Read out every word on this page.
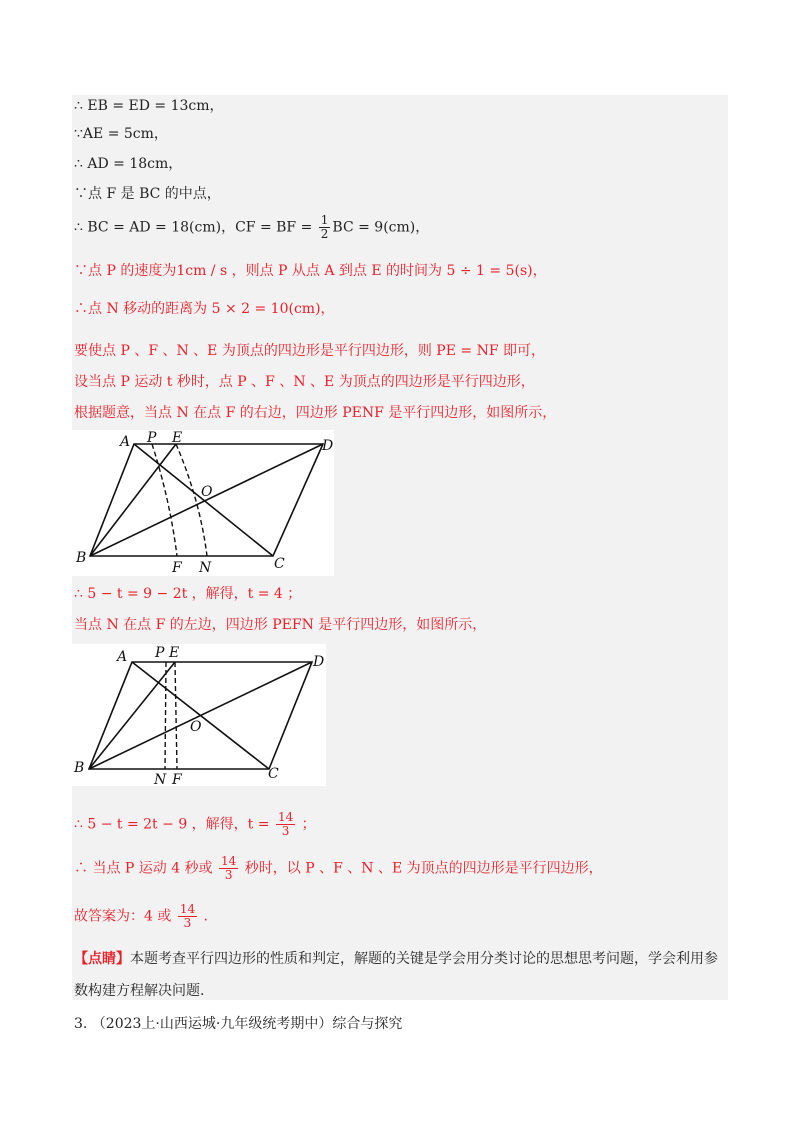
∴ EB = ED = 13cm，
∵AE = 5cm，
∴ AD = 18cm，
∵点 F 是 BC 的中点，
∴ BC = AD = 18(cm)，CF = BF = $\frac{1}{2}$ BC = 9(cm)，
∵点 P 的速度为1cm / s ，则点 P 从点 A 到点 E 的时间为 5 ÷ 1 = 5(s)，
∴点 N 移动的距离为 5 × 2 = 10(cm)，
要使点 P 、F 、N 、E 为顶点的四边形是平行四边形，则 PE = NF 即可，
设当点 P 运动 t 秒时，点 P 、F 、N 、E 为顶点的四边形是平行四边形，
根据题意，当点 N 在点 F 的右边，四边形 PENF 是平行四边形，如图所示，
A P E	D
O
B
F N	C
∴ 5 − t = 9 − 2t ，解得，t = 4 ；
当点 N 在点 F 的左边，四边形 PEFN 是平行四边形，如图所示，
A P E
D
O
B
N F	C
∴ 5 − t = 2t − 9 ，解得，$t = \frac{14}{3}$ ；
∴ 当点 P 运动 4 秒或 $\frac{14}{3}$ 秒时，以 P 、F 、N 、E 为顶点的四边形是平行四边形，
故答案为：4 或 $\frac{14}{3}$ .
【点睛】本题考查平行四边形的性质和判定，解题的关键是学会用分类讨论的思想思考问题，学会利用参
数构建方程解决问题.
3. （2023上·山西运城·九年级统考期中）综合与探究
